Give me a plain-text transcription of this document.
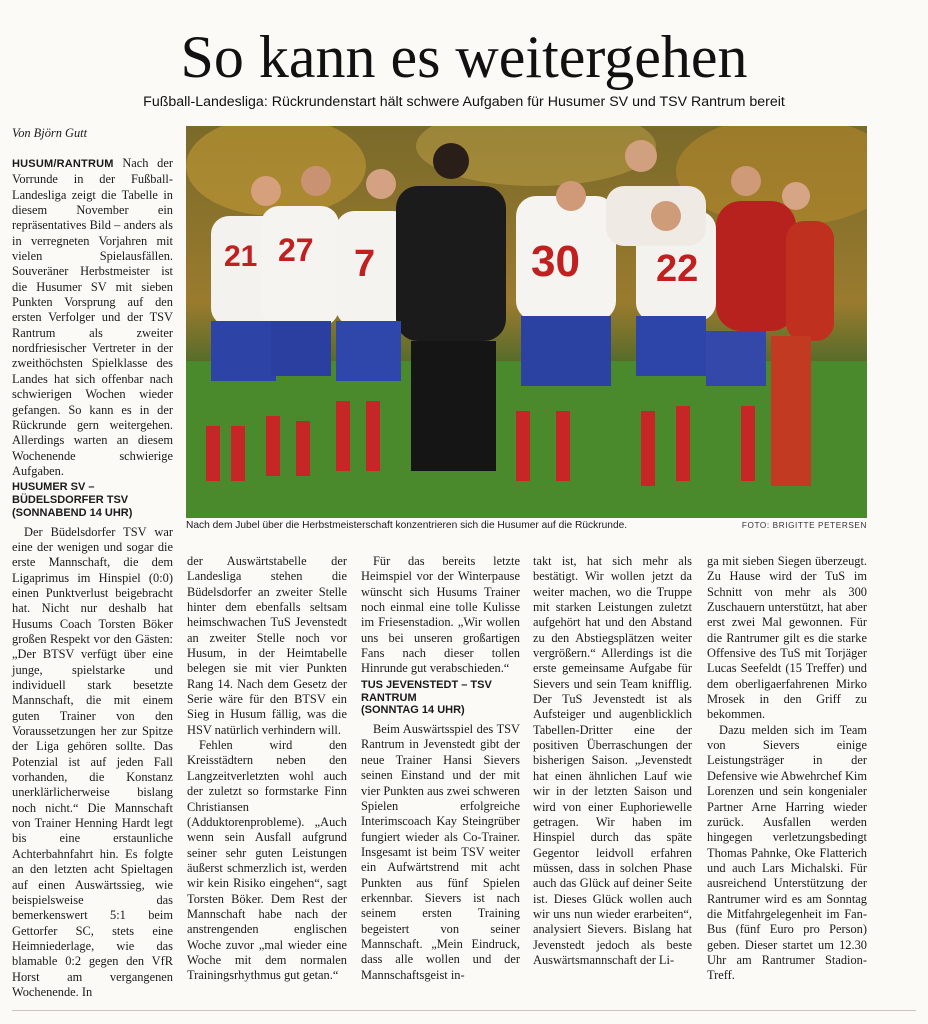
So kann es weitergehen
Fußball-Landesliga: Rückrundenstart hält schwere Aufgaben für Husumer SV und TSV Rantrum bereit
Von Björn Gutt
21 27 7	30 22
Nach dem Jubel über die Herbstmeisterschaft konzentrieren sich die Husumer auf die Rückrunde.	FOTO: BRIGITTE PETERSEN

HUSUM/RANTRUM Nach der Vorrunde in der Fußball-Landesliga zeigt die Tabelle in diesem November ein repräsentatives Bild – anders als in verregneten Vorjahren mit vielen Spielausfällen. Souveräner Herbstmeister ist die Husumer SV mit sieben Punkten Vorsprung auf den ersten Verfolger und der TSV Rantrum als zweiter nordfriesischer Vertreter in der zweithöchsten Spielklasse des Landes hat sich offenbar nach schwierigen Wochen wieder gefangen. So kann es in der Rückrunde gern weitergehen. Allerdings warten an diesem Wochenende schwierige Aufgaben.

HUSUMER SV – BÜDELSDORFER TSV
(SONNABEND 14 UHR)

Der Büdelsdorfer TSV war eine der wenigen und sogar die erste Mannschaft, die dem Ligaprimus im Hinspiel (0:0) einen Punktverlust beigebracht hat. Nicht nur deshalb hat Husums Coach Torsten Böker großen Respekt vor den Gästen: „Der BTSV verfügt über eine junge, spielstarke und individuell stark besetzte Mannschaft, die mit einem guten Trainer von den Voraussetzungen her zur Spitze der Liga gehören sollte. Das Potenzial ist auf jeden Fall vorhanden, die Konstanz unerklärlicherweise bislang noch nicht.“ Die Mannschaft von Trainer Henning Hardt legt bis eine erstaunliche Achterbahnfahrt hin. Es folgte an den letzten acht Spieltagen auf einen Auswärtssieg, wie beispielsweise das bemerkenswert 5:1 beim Gettorfer SC, stets eine Heimniederlage, wie das blamable 0:2 gegen den VfR Horst am vergangenen Wochenende. In

der Auswärtstabelle der Landesliga stehen die Büdelsdorfer an zweiter Stelle hinter dem ebenfalls seltsam heimschwachen TuS Jevenstedt an zweiter Stelle noch vor Husum, in der Heimtabelle belegen sie mit vier Punkten Rang 14. Nach dem Gesetz der Serie wäre für den BTSV ein Sieg in Husum fällig, was die HSV natürlich verhindern will.

Fehlen wird den Kreisstädtern neben den Langzeitverletzten wohl auch der zuletzt so formstarke Finn Christiansen (Adduktorenprobleme). „Auch wenn sein Ausfall aufgrund seiner sehr guten Leistungen äußerst schmerzlich ist, werden wir kein Risiko eingehen“, sagt Torsten Böker. Dem Rest der Mannschaft habe nach der anstrengenden englischen Woche zuvor „mal wieder eine Woche mit dem normalen Trainingsrhythmus gut getan.“

Für das bereits letzte Heimspiel vor der Winterpause wünscht sich Husums Trainer noch einmal eine tolle Kulisse im Friesenstadion. „Wir wollen uns bei unseren großartigen Fans nach dieser tollen Hinrunde gut verabschieden.“

TUS JEVENSTEDT – TSV RANTRUM
(SONNTAG 14 UHR)

Beim Auswärtsspiel des TSV Rantrum in Jevenstedt gibt der neue Trainer Hansi Sievers seinen Einstand und der mit vier Punkten aus zwei schweren Spielen erfolgreiche Interimscoach Kay Steingrüber fungiert wieder als Co-Trainer. Insgesamt ist beim TSV weiter ein Aufwärtstrend mit acht Punkten aus fünf Spielen erkennbar. Sievers ist nach seinem ersten Training begeistert von seiner Mannschaft. „Mein Eindruck, dass alle wollen und der Mannschaftsgeist in-

takt ist, hat sich mehr als bestätigt. Wir wollen jetzt da weiter machen, wo die Truppe mit starken Leistungen zuletzt aufgehört hat und den Abstand zu den Abstiegsplätzen weiter vergrößern.“ Allerdings ist die erste gemeinsame Aufgabe für Sievers und sein Team knifflig. Der TuS Jevenstedt ist als Aufsteiger und augenblicklich Tabellen-Dritter eine der positiven Überraschungen der bisherigen Saison. „Jevenstedt hat einen ähnlichen Lauf wie wir in der letzten Saison und wird von einer Euphoriewelle getragen. Wir haben im Hinspiel durch das späte Gegentor leidvoll erfahren müssen, dass in solchen Phase auch das Glück auf deiner Seite ist. Dieses Glück wollen auch wir uns nun wieder erarbeiten“, analysiert Sievers. Bislang hat Jevenstedt jedoch als beste Auswärtsmannschaft der Li-

ga mit sieben Siegen überzeugt. Zu Hause wird der TuS im Schnitt von mehr als 300 Zuschauern unterstützt, hat aber erst zwei Mal gewonnen. Für die Rantrumer gilt es die starke Offensive des TuS mit Torjäger Lucas Seefeldt (15 Treffer) und dem oberligaerfahrenen Mirko Mrosek in den Griff zu bekommen.

Dazu melden sich im Team von Sievers einige Leistungsträger in der Defensive wie Abwehrchef Kim Lorenzen und sein kongenialer Partner Arne Harring wieder zurück. Ausfallen werden hingegen verletzungsbedingt Thomas Pahnke, Oke Flatterich und auch Lars Michalski. Für ausreichend Unterstützung der Rantrumer wird es am Sonntag die Mitfahrgelegenheit im Fan-Bus (fünf Euro pro Person) geben. Dieser startet um 12.30 Uhr am Rantrumer Stadion-Treff.
